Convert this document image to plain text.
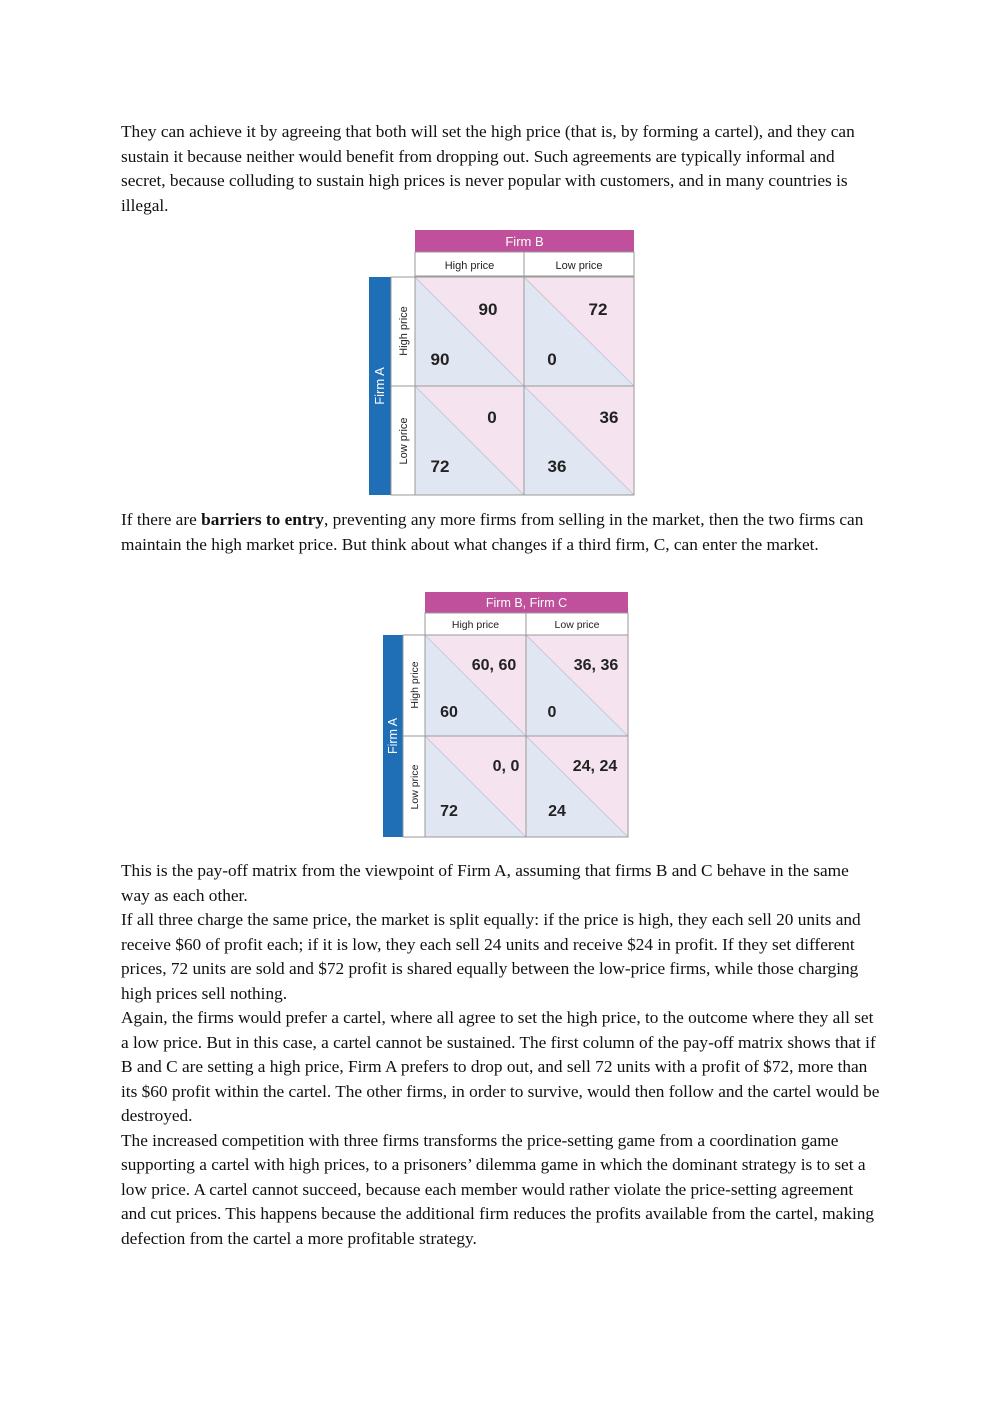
They can achieve it by agreeing that both will set the high price (that is, by forming a cartel), and they can sustain it because neither would benefit from dropping out. Such agreements are typically informal and secret, because colluding to sustain high prices is never popular with customers, and in many countries is illegal.

Firm B
High price	Low price
Firm A
High price
Low price
90
90
72
0
0
72
36
36

If there are barriers to entry, preventing any more firms from selling in the market, then the two firms can maintain the high market price. But think about what changes if a third firm, C, can enter the market.

Firm B, Firm C
High price	Low price
Firm A
High price
Low price
60, 60
60
36, 36
0
0, 0
72
24, 24
24

This is the pay-off matrix from the viewpoint of Firm A, assuming that firms B and C behave in the same way as each other.

If all three charge the same price, the market is split equally: if the price is high, they each sell 20 units and receive $60 of profit each; if it is low, they each sell 24 units and receive $24 in profit. If they set different prices, 72 units are sold and $72 profit is shared equally between the low-price firms, while those charging high prices sell nothing.

Again, the firms would prefer a cartel, where all agree to set the high price, to the outcome where they all set a low price. But in this case, a cartel cannot be sustained. The first column of the pay-off matrix shows that if B and C are setting a high price, Firm A prefers to drop out, and sell 72 units with a profit of $72, more than its $60 profit within the cartel. The other firms, in order to survive, would then follow and the cartel would be destroyed.

The increased competition with three firms transforms the price-setting game from a coordination game supporting a cartel with high prices, to a prisoners’ dilemma game in which the dominant strategy is to set a low price. A cartel cannot succeed, because each member would rather violate the price-setting agreement and cut prices. This happens because the additional firm reduces the profits available from the cartel, making defection from the cartel a more profitable strategy.
